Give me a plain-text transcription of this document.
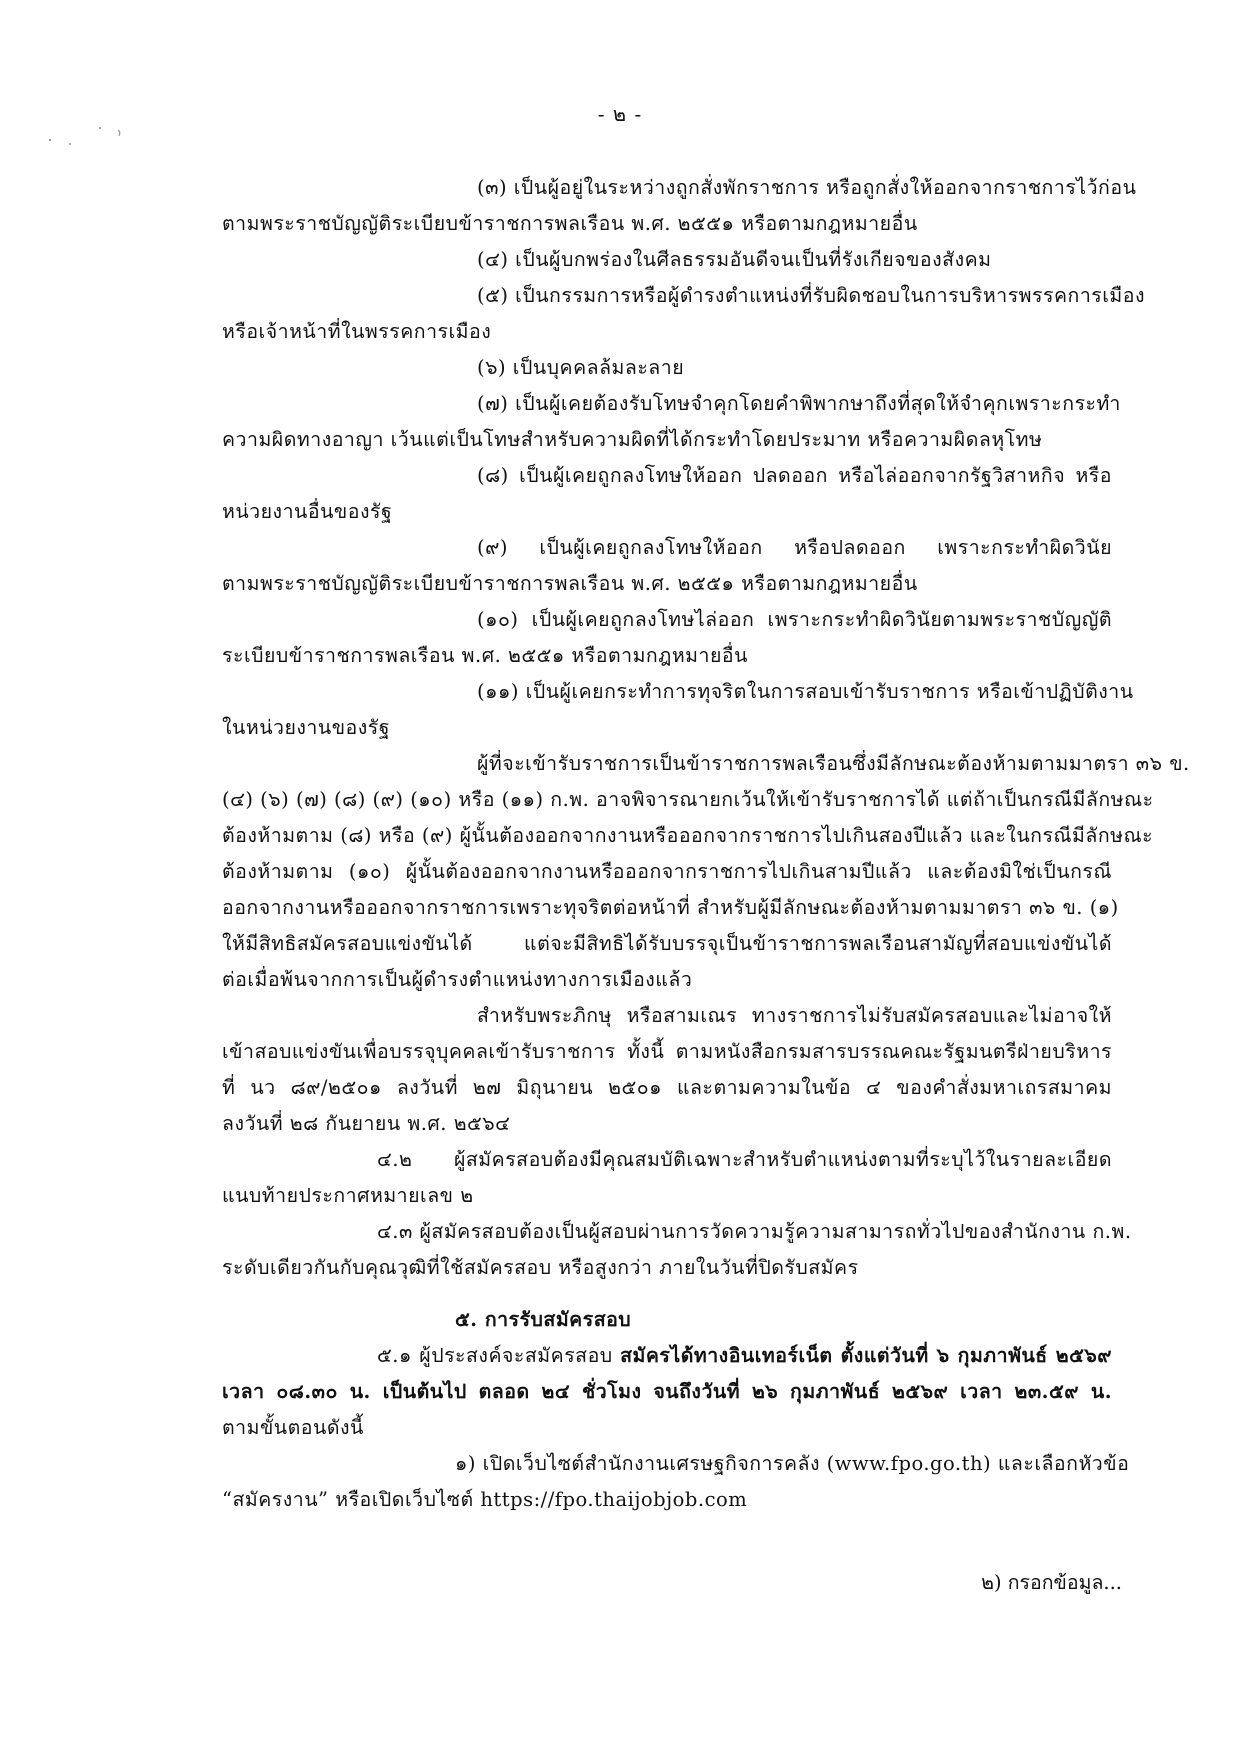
- ๒ -
(๓) เป็นผู้อยู่ในระหว่างถูกสั่งพักราชการ หรือถูกสั่งให้ออกจากราชการไว้ก่อน
ตามพระราชบัญญัติระเบียบข้าราชการพลเรือน พ.ศ. ๒๕๕๑ หรือตามกฎหมายอื่น
(๔) เป็นผู้บกพร่องในศีลธรรมอันดีจนเป็นที่รังเกียจของสังคม
(๕) เป็นกรรมการหรือผู้ดำรงตำแหน่งที่รับผิดชอบในการบริหารพรรคการเมือง
หรือเจ้าหน้าที่ในพรรคการเมือง
(๖) เป็นบุคคลล้มละลาย
(๗) เป็นผู้เคยต้องรับโทษจำคุกโดยคำพิพากษาถึงที่สุดให้จำคุกเพราะกระทำ
ความผิดทางอาญา เว้นแต่เป็นโทษสำหรับความผิดที่ได้กระทำโดยประมาท หรือความผิดลหุโทษ
(๘) เป็นผู้เคยถูกลงโทษให้ออก ปลดออก หรือไล่ออกจากรัฐวิสาหกิจ หรือ
หน่วยงานอื่นของรัฐ
(๙) เป็นผู้เคยถูกลงโทษให้ออก หรือปลดออก เพราะกระทำผิดวินัย
ตามพระราชบัญญัติระเบียบข้าราชการพลเรือน พ.ศ. ๒๕๕๑ หรือตามกฎหมายอื่น
(๑๐) เป็นผู้เคยถูกลงโทษไล่ออก เพราะกระทำผิดวินัยตามพระราชบัญญัติ
ระเบียบข้าราชการพลเรือน พ.ศ. ๒๕๕๑ หรือตามกฎหมายอื่น
(๑๑) เป็นผู้เคยกระทำการทุจริตในการสอบเข้ารับราชการ หรือเข้าปฏิบัติงาน
ในหน่วยงานของรัฐ
ผู้ที่จะเข้ารับราชการเป็นข้าราชการพลเรือนซึ่งมีลักษณะต้องห้ามตามมาตรา ๓๖ ข.
(๔) (๖) (๗) (๘) (๙) (๑๐) หรือ (๑๑) ก.พ. อาจพิจารณายกเว้นให้เข้ารับราชการได้ แต่ถ้าเป็นกรณีมีลักษณะ
ต้องห้ามตาม (๘) หรือ (๙) ผู้นั้นต้องออกจากงานหรือออกจากราชการไปเกินสองปีแล้ว และในกรณีมีลักษณะ
ต้องห้ามตาม (๑๐) ผู้นั้นต้องออกจากงานหรือออกจากราชการไปเกินสามปีแล้ว และต้องมิใช่เป็นกรณี
ออกจากงานหรือออกจากราชการเพราะทุจริตต่อหน้าที่ สำหรับผู้มีลักษณะต้องห้ามตามมาตรา ๓๖ ข. (๑)
ให้มีสิทธิสมัครสอบแข่งขันได้ แต่จะมีสิทธิได้รับบรรจุเป็นข้าราชการพลเรือนสามัญที่สอบแข่งขันได้
ต่อเมื่อพ้นจากการเป็นผู้ดำรงตำแหน่งทางการเมืองแล้ว
สำหรับพระภิกษุ หรือสามเณร ทางราชการไม่รับสมัครสอบและไม่อาจให้
เข้าสอบแข่งขันเพื่อบรรจุบุคคลเข้ารับราชการ ทั้งนี้ ตามหนังสือกรมสารบรรณคณะรัฐมนตรีฝ่ายบริหาร
ที่ นว ๘๙/๒๕๐๑ ลงวันที่ ๒๗ มิถุนายน ๒๕๐๑ และตามความในข้อ ๔ ของคำสั่งมหาเถรสมาคม
ลงวันที่ ๒๘ กันยายน พ.ศ. ๒๕๖๔
๔.๒ ผู้สมัครสอบต้องมีคุณสมบัติเฉพาะสำหรับตำแหน่งตามที่ระบุไว้ในรายละเอียด
แนบท้ายประกาศหมายเลข ๒
๔.๓ ผู้สมัครสอบต้องเป็นผู้สอบผ่านการวัดความรู้ความสามารถทั่วไปของสำนักงาน ก.พ.
ระดับเดียวกันกับคุณวุฒิที่ใช้สมัครสอบ หรือสูงกว่า ภายในวันที่ปิดรับสมัคร
๕. การรับสมัครสอบ
๕.๑ ผู้ประสงค์จะสมัครสอบ สมัครได้ทางอินเทอร์เน็ต ตั้งแต่วันที่ ๖ กุมภาพันธ์ ๒๕๖๙
เวลา ๐๘.๓๐ น. เป็นต้นไป ตลอด ๒๔ ชั่วโมง จนถึงวันที่ ๒๖ กุมภาพันธ์ ๒๕๖๙ เวลา ๒๓.๕๙ น.
ตามขั้นตอนดังนี้
๑) เปิดเว็บไซต์สำนักงานเศรษฐกิจการคลัง (www.fpo.go.th) และเลือกหัวข้อ
“สมัครงาน” หรือเปิดเว็บไซต์ https://fpo.thaijobjob.com
๒) กรอกข้อมูล...
